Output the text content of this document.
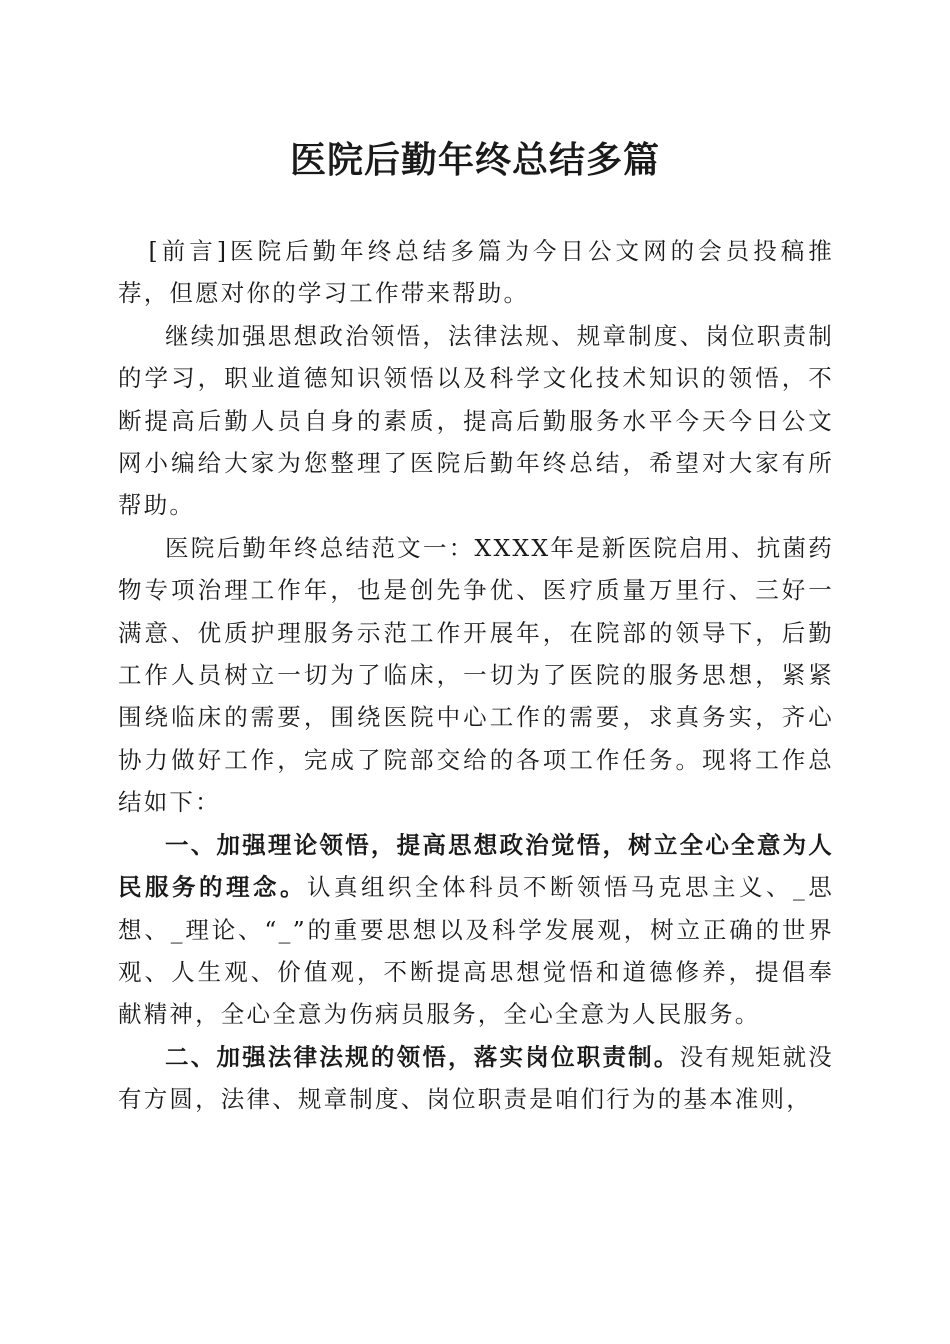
医院后勤年终总结多篇

[前言]医院后勤年终总结多篇为今日公文网的会员投稿推荐，但愿对你的学习工作带来帮助。

继续加强思想政治领悟，法律法规、规章制度、岗位职责制的学习，职业道德知识领悟以及科学文化技术知识的领悟，不断提高后勤人员自身的素质，提高后勤服务水平今天今日公文网小编给大家为您整理了医院后勤年终总结，希望对大家有所帮助。

医院后勤年终总结范文一：XXXX年是新医院启用、抗菌药物专项治理工作年，也是创先争优、医疗质量万里行、三好一满意、优质护理服务示范工作开展年，在院部的领导下，后勤工作人员树立一切为了临床，一切为了医院的服务思想，紧紧围绕临床的需要，围绕医院中心工作的需要，求真务实，齐心协力做好工作，完成了院部交给的各项工作任务。现将工作总结如下：

一、加强理论领悟，提高思想政治觉悟，树立全心全意为人民服务的理念。认真组织全体科员不断领悟马克思主义、_思想、_理论、“_”的重要思想以及科学发展观，树立正确的世界观、人生观、价值观，不断提高思想觉悟和道德修养，提倡奉献精神，全心全意为伤病员服务，全心全意为人民服务。

二、加强法律法规的领悟，落实岗位职责制。没有规矩就没有方圆，法律、规章制度、岗位职责是咱们行为的基本准则，
